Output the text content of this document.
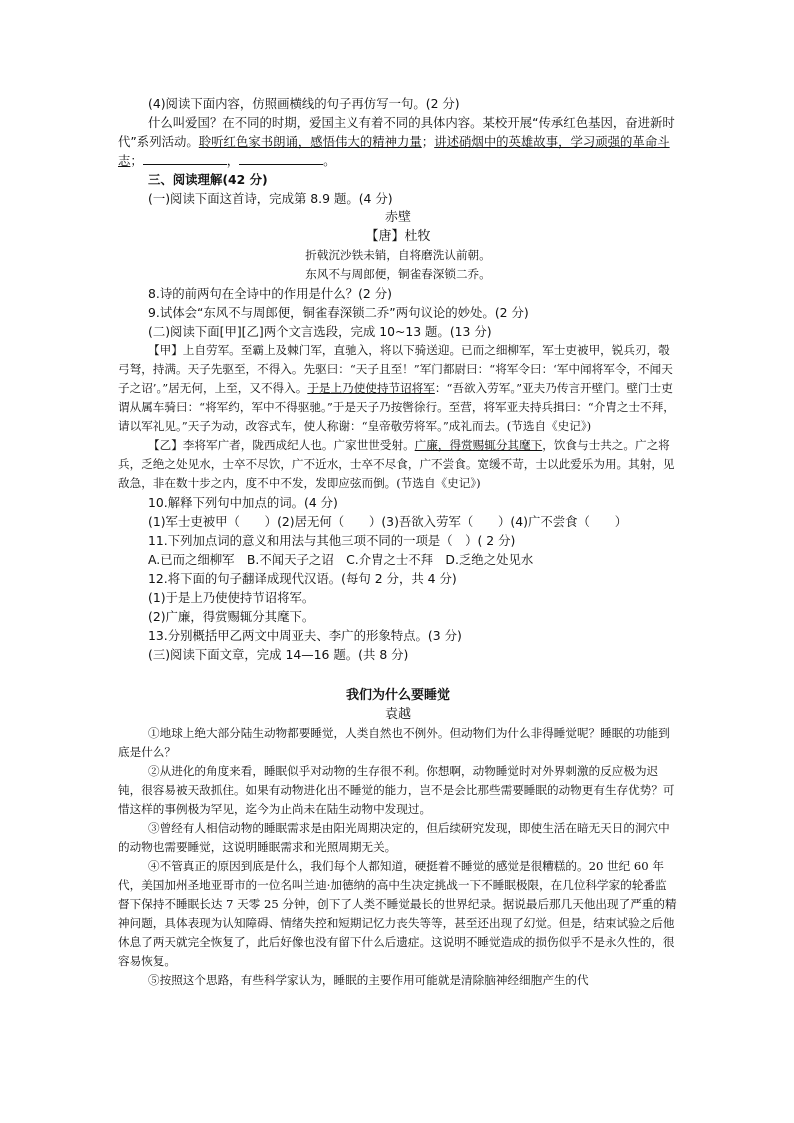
(4)阅读下面内容，仿照画横线的句子再仿写一句。(2 分)

什么叫爱国？在不同的时期，爱国主义有着不同的具体内容。某校开展“传承红色基因，奋进新时代”系列活动。聆听红色家书朗诵，感悟伟大的精神力量；讲述硝烟中的英雄故事，学习顽强的革命斗志；	，	。

三、阅读理解(42 分)

(一)阅读下面这首诗，完成第 8.9 题。(4 分)

赤壁

【唐】杜牧

折戟沉沙铁未销，自将磨洗认前朝。

东风不与周郎便，铜雀春深锁二乔。

8.诗的前两句在全诗中的作用是什么？(2 分)

9.试体会“东风不与周郎便，铜雀春深锁二乔”两句议论的妙处。(2 分)

(二)阅读下面[甲][乙]两个文言选段，完成 10~13 题。(13 分)

【甲】上自劳军。至霸上及棘门军，直驰入，将以下骑送迎。已而之细柳军，军士吏被甲，锐兵刃，彀弓弩，持满。天子先驱至，不得入。先驱曰：“天子且至！”军门都尉曰：“将军令曰：‘军中闻将军令，不闻天子之诏’。”居无何，上至，又不得入。于是上乃使使持节诏将军：“吾欲入劳军。”亚夫乃传言开壁门。壁门士吏谓从属车骑曰：“将军约，军中不得驱驰。”于是天子乃按辔徐行。至营，将军亚夫持兵揖曰：“介胄之士不拜，请以军礼见。”天子为动，改容式车，使人称谢：“皇帝敬劳将军。”成礼而去。(节选自《史记》)

【乙】李将军广者，陇西成纪人也。广家世世受射。广廉，得赏赐辄分其麾下，饮食与士共之。广之将兵，乏绝之处见水，士卒不尽饮，广不近水，士卒不尽食，广不尝食。宽缓不苛，士以此爱乐为用。其射，见敌急，非在数十步之内，度不中不发，发即应弦而倒。(节选自《史记》)

10.解释下列句中加点的词。(4 分)

(1)军士吏被甲（　　）(2)居无何（　　）(3)吾欲入劳军（　　）(4)广不尝食（　　）

11.下列加点词的意义和用法与其他三项不同的一项是（　）( 2 分)

A.已而之细柳军　B.不闻天子之诏　C.介胄之士不拜　D.乏绝之处见水

12.将下面的句子翻译成现代汉语。(每句 2 分，共 4 分)

(1)于是上乃使使持节诏将军。

(2)广廉，得赏赐辄分其麾下。

13.分别概括甲乙两文中周亚夫、李广的形象特点。(3 分)

(三)阅读下面文章，完成 14—16 题。(共 8 分)

我们为什么要睡觉

袁越

①地球上绝大部分陆生动物都要睡觉，人类自然也不例外。但动物们为什么非得睡觉呢？睡眠的功能到底是什么？

②从进化的角度来看，睡眠似乎对动物的生存很不利。你想啊，动物睡觉时对外界刺激的反应极为迟钝，很容易被天敌抓住。如果有动物进化出不睡觉的能力，岂不是会比那些需要睡眠的动物更有生存优势？可惜这样的事例极为罕见，迄今为止尚未在陆生动物中发现过。

③曾经有人相信动物的睡眠需求是由阳光周期决定的，但后续研究发现，即使生活在暗无天日的洞穴中的动物也需要睡觉，这说明睡眠需求和光照周期无关。

④不管真正的原因到底是什么，我们每个人都知道，硬挺着不睡觉的感觉是很糟糕的。20 世纪 60 年代，美国加州圣地亚哥市的一位名叫兰迪·加德纳的高中生决定挑战一下不睡眠极限，在几位科学家的轮番监督下保持不睡眠长达 7 天零 25 分钟，创下了人类不睡觉最长的世界纪录。据说最后那几天他出现了严重的精神问题，具体表现为认知障碍、情绪失控和短期记忆力丧失等等，甚至还出现了幻觉。但是，结束试验之后他休息了两天就完全恢复了，此后好像也没有留下什么后遗症。这说明不睡觉造成的损伤似乎不是永久性的，很容易恢复。

⑤按照这个思路，有些科学家认为，睡眠的主要作用可能就是清除脑神经细胞产生的代
